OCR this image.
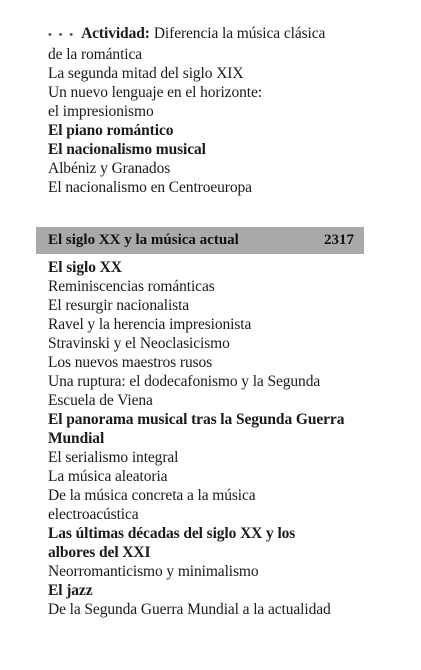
• • • Actividad: Diferencia la música clásica
de la romántica
La segunda mitad del siglo XIX
Un nuevo lenguaje en el horizonte:
el impresionismo
El piano romántico
El nacionalismo musical
Albéniz y Granados
El nacionalismo en Centroeuropa
El siglo XX y la música actual	2317
El siglo XX
Reminiscencias románticas
El resurgir nacionalista
Ravel y la herencia impresionista
Stravinski y el Neoclasicismo
Los nuevos maestros rusos
Una ruptura: el dodecafonismo y la Segunda
Escuela de Viena
El panorama musical tras la Segunda Guerra
Mundial
El serialismo integral
La música aleatoria
De la música concreta a la música
electroacústica
Las últimas décadas del siglo XX y los
albores del XXI
Neorromanticismo y minimalismo
El jazz
De la Segunda Guerra Mundial a la actualidad
